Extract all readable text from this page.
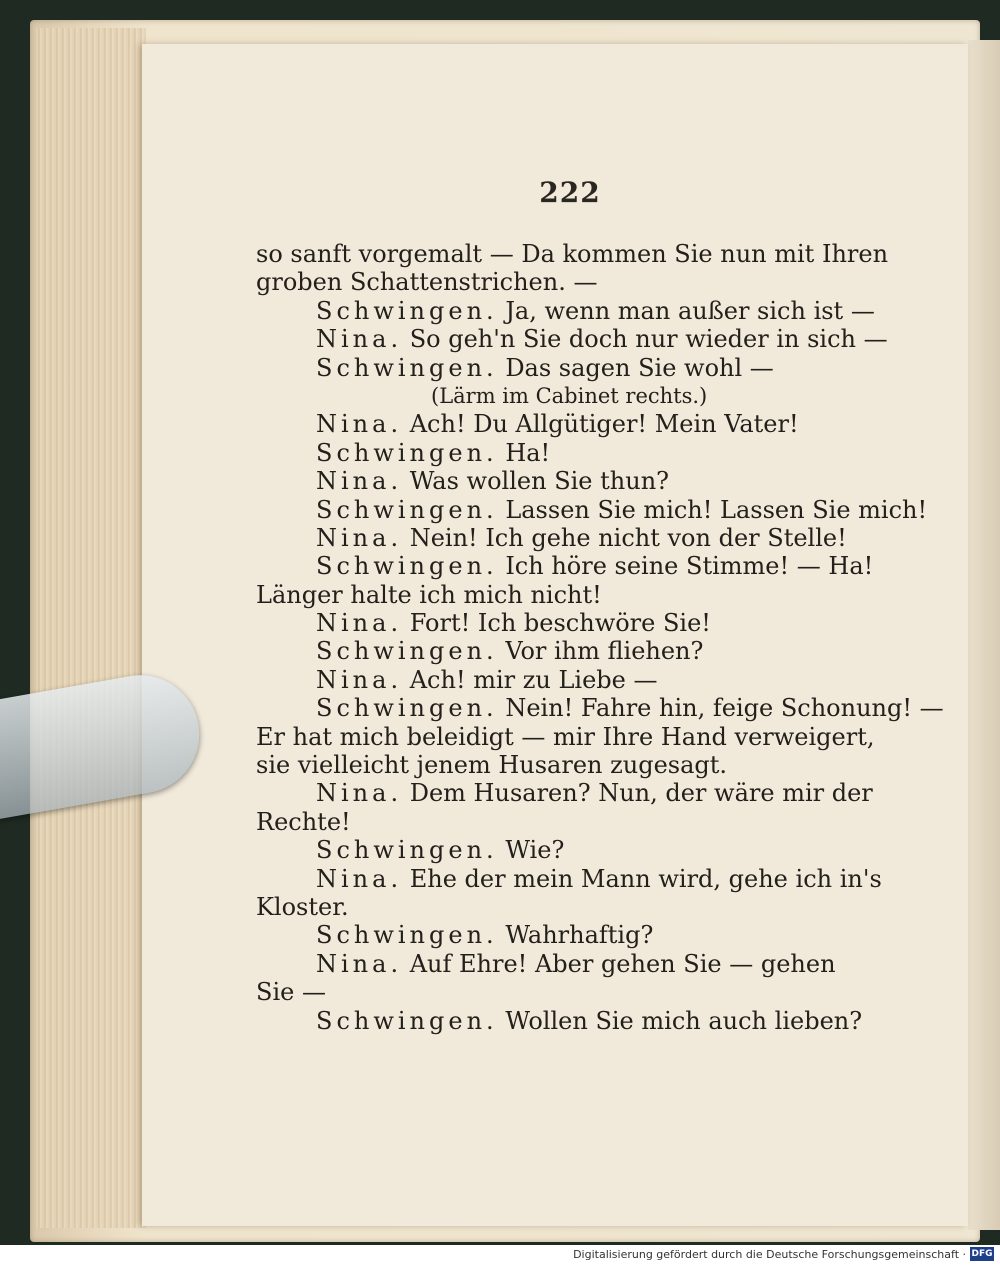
222
so sanft vorgemalt — Da kommen Sie nun mit Ihren
groben Schattenstrichen. —
Schwingen. Ja, wenn man außer sich ist —
Nina. So geh'n Sie doch nur wieder in sich —
Schwingen. Das sagen Sie wohl —
(Lärm im Cabinet rechts.)
Nina. Ach! Du Allgütiger! Mein Vater!
Schwingen. Ha!
Nina. Was wollen Sie thun?
Schwingen. Lassen Sie mich! Lassen Sie mich!
Nina. Nein! Ich gehe nicht von der Stelle!
Schwingen. Ich höre seine Stimme! — Ha!
Länger halte ich mich nicht!
Nina. Fort! Ich beschwöre Sie!
Schwingen. Vor ihm fliehen?
Nina. Ach! mir zu Liebe —
Schwingen. Nein! Fahre hin, feige Schonung! —
Er hat mich beleidigt — mir Ihre Hand verweigert,
sie vielleicht jenem Husaren zugesagt.
Nina. Dem Husaren? Nun, der wäre mir der
Rechte!
Schwingen. Wie?
Nina. Ehe der mein Mann wird, gehe ich in's
Kloster.
Schwingen. Wahrhaftig?
Nina. Auf Ehre! Aber gehen Sie — gehen
Sie —
Schwingen. Wollen Sie mich auch lieben?
Digitalisierung gefördert durch die Deutsche Forschungsgemeinschaft · DFG
